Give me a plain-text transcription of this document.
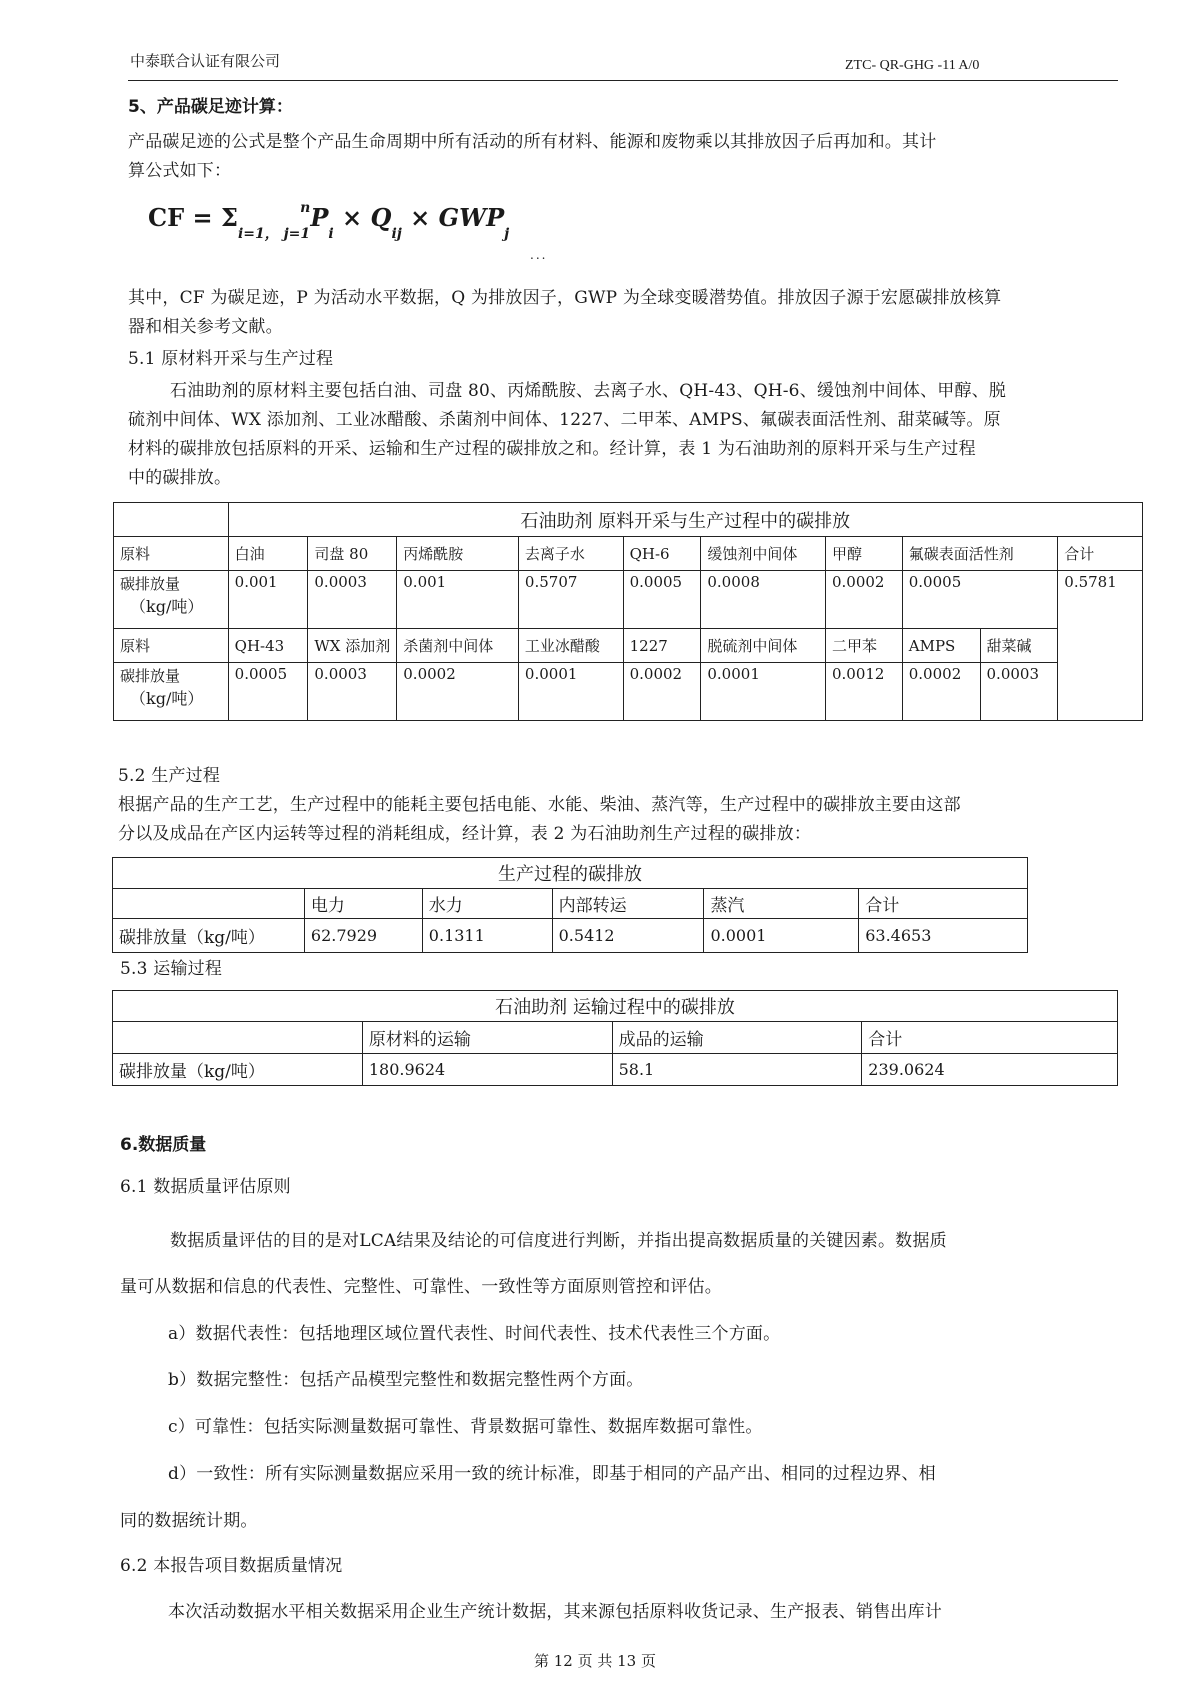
中泰联合认证有限公司	ZTC- QR-GHG -11 A/0
5、产品碳足迹计算：
产品碳足迹的公式是整个产品生命周期中所有活动的所有材料、能源和废物乘以其排放因子后再加和。其计
算公式如下：
CF = $\Sigma_{i=1, j=1}^nP_i \times Q_{ij} \times GWP_j$
...
其中，CF 为碳足迹，P 为活动水平数据，Q 为排放因子，GWP 为全球变暖潜势值。排放因子源于宏愿碳排放核算
器和相关参考文献。
5.1 原材料开采与生产过程
石油助剂的原材料主要包括白油、司盘 80、丙烯酰胺、去离子水、QH-43、QH-6、缓蚀剂中间体、甲醇、脱
硫剂中间体、WX 添加剂、工业冰醋酸、杀菌剂中间体、1227、二甲苯、AMPS、氟碳表面活性剂、甜菜碱等。原
材料的碳排放包括原料的开采、运输和生产过程的碳排放之和。经计算，表 1 为石油助剂的原料开采与生产过程
中的碳排放。
	石油助剂 原料开采与生产过程中的碳排放									
原料	白油	司盘 80	丙烯酰胺	去离子水	QH-6	缓蚀剂中间体	甲醇	氟碳表面活性剂		合计
碳排放量
（kg/吨）	0.001	0.0003	0.001	0.5707	0.0005	0.0008	0.0002	0.0005		0.5781
原料	QH-43	WX 添加剂	杀菌剂中间体	工业冰醋酸	1227	脱硫剂中间体	二甲苯	AMPS	甜菜碱	
碳排放量
（kg/吨）	0.0005	0.0003	0.0002	0.0001	0.0002	0.0001	0.0012	0.0002	0.0003	
5.2 生产过程
根据产品的生产工艺，生产过程中的能耗主要包括电能、水能、柴油、蒸汽等，生产过程中的碳排放主要由这部
分以及成品在产区内运转等过程的消耗组成，经计算，表 2 为石油助剂生产过程的碳排放：
生产过程的碳排放					
	电力	水力	内部转运	蒸汽	合计
碳排放量（kg/吨）	62.7929	0.1311	0.5412	0.0001	63.4653
5.3 运输过程
石油助剂 运输过程中的碳排放			
	原材料的运输	成品的运输	合计
碳排放量（kg/吨）	180.9624	58.1	239.0624
6.数据质量
6.1 数据质量评估原则
数据质量评估的目的是对LCA结果及结论的可信度进行判断，并指出提高数据质量的关键因素。数据质
量可从数据和信息的代表性、完整性、可靠性、一致性等方面原则管控和评估。
a）数据代表性：包括地理区域位置代表性、时间代表性、技术代表性三个方面。
b）数据完整性：包括产品模型完整性和数据完整性两个方面。
c）可靠性：包括实际测量数据可靠性、背景数据可靠性、数据库数据可靠性。
d）一致性：所有实际测量数据应采用一致的统计标准，即基于相同的产品产出、相同的过程边界、相
同的数据统计期。
6.2 本报告项目数据质量情况
本次活动数据水平相关数据采用企业生产统计数据，其来源包括原料收货记录、生产报表、销售出库计
第 12 页 共 13 页
